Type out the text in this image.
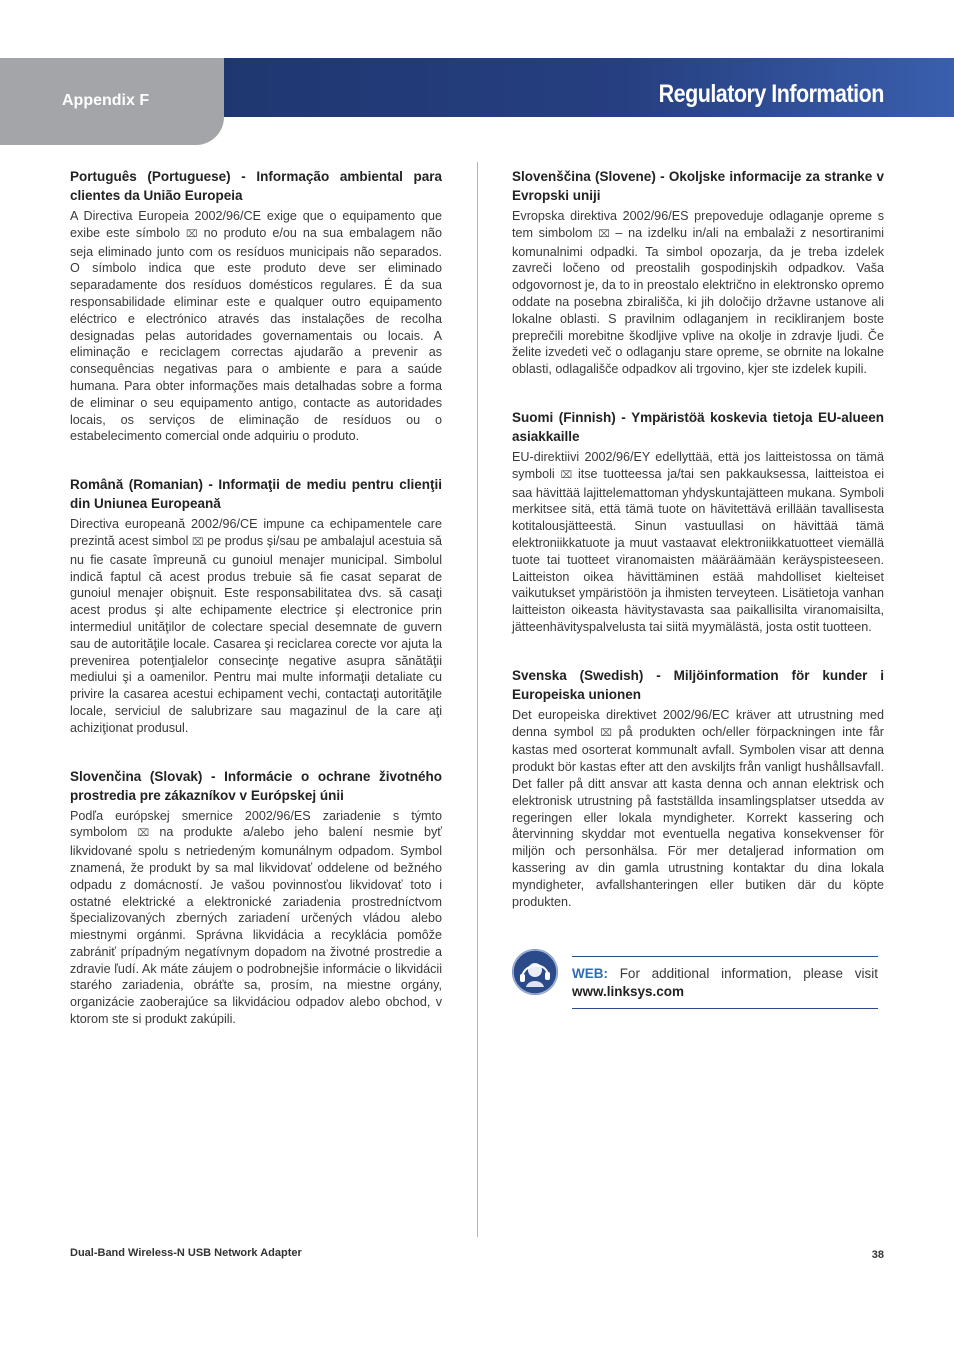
Appendix F	Regulatory Information
Português (Portuguese) - Informação ambiental para clientes da União Europeia

A Directiva Europeia 2002/96/CE exige que o equipamento que exibe este símbolo ⌧ no produto e/ou na sua embalagem não seja eliminado junto com os resíduos municipais não separados. O símbolo indica que este produto deve ser eliminado separadamente dos resíduos domésticos regulares. É da sua responsabilidade eliminar este e qualquer outro equipamento eléctrico e electrónico através das instalações de recolha designadas pelas autoridades governamentais ou locais. A eliminação e reciclagem correctas ajudarão a prevenir as consequências negativas para o ambiente e para a saúde humana. Para obter informações mais detalhadas sobre a forma de eliminar o seu equipamento antigo, contacte as autoridades locais, os serviços de eliminação de resíduos ou o estabelecimento comercial onde adquiriu o produto.

Română (Romanian) - Informaţii de mediu pentru clienţii din Uniunea Europeană

Directiva europeană 2002/96/CE impune ca echipamentele care prezintă acest simbol ⌧ pe produs şi/sau pe ambalajul acestuia să nu fie casate împreună cu gunoiul menajer municipal. Simbolul indică faptul că acest produs trebuie să fie casat separat de gunoiul menajer obişnuit. Este responsabilitatea dvs. să casaţi acest produs şi alte echipamente electrice şi electronice prin intermediul unităţilor de colectare special desemnate de guvern sau de autorităţile locale. Casarea şi reciclarea corecte vor ajuta la prevenirea potenţialelor consecinţe negative asupra sănătăţii mediului şi a oamenilor. Pentru mai multe informaţii detaliate cu privire la casarea acestui echipament vechi, contactaţi autorităţile locale, serviciul de salubrizare sau magazinul de la care aţi achiziţionat produsul.

Slovenčina (Slovak) - Informácie o ochrane životného prostredia pre zákazníkov v Európskej únii

Podľa európskej smernice 2002/96/ES zariadenie s týmto symbolom ⌧ na produkte a/alebo jeho balení nesmie byť likvidované spolu s netriedeným komunálnym odpadom. Symbol znamená, že produkt by sa mal likvidovať oddelene od bežného odpadu z domácností. Je vašou povinnosťou likvidovať toto i ostatné elektrické a elektronické zariadenia prostredníctvom špecializovaných zberných zariadení určených vládou alebo miestnymi orgánmi. Správna likvidácia a recyklácia pomôže zabrániť prípadným negatívnym dopadom na životné prostredie a zdravie ľudí. Ak máte záujem o podrobnejšie informácie o likvidácii starého zariadenia, obráťte sa, prosím, na miestne orgány, organizácie zaoberajúce sa likvidáciou odpadov alebo obchod, v ktorom ste si produkt zakúpili.

Slovenščina (Slovene) - Okoljske informacije za stranke v Evropski uniji

Evropska direktiva 2002/96/ES prepoveduje odlaganje opreme s tem simbolom ⌧ – na izdelku in/ali na embalaži z nesortiranimi komunalnimi odpadki. Ta simbol opozarja, da je treba izdelek zavreči ločeno od preostalih gospodinjskih odpadkov. Vaša odgovornost je, da to in preostalo električno in elektronsko opremo oddate na posebna zbirališča, ki jih določijo državne ustanove ali lokalne oblasti. S pravilnim odlaganjem in recikliranjem boste preprečili morebitne škodljive vplive na okolje in zdravje ljudi. Če želite izvedeti več o odlaganju stare opreme, se obrnite na lokalne oblasti, odlagališče odpadkov ali trgovino, kjer ste izdelek kupili.

Suomi (Finnish) - Ympäristöä koskevia tietoja EU-alueen asiakkaille

EU-direktiivi 2002/96/EY edellyttää, että jos laitteistossa on tämä symboli ⌧ itse tuotteessa ja/tai sen pakkauksessa, laitteistoa ei saa hävittää lajittelemattoman yhdyskuntajätteen mukana. Symboli merkitsee sitä, että tämä tuote on hävitettävä erillään tavallisesta kotitalousjätteestä. Sinun vastuullasi on hävittää tämä elektroniikkatuote ja muut vastaavat elektroniikkatuotteet viemällä tuote tai tuotteet viranomaisten määräämään keräyspisteeseen. Laitteiston oikea hävittäminen estää mahdolliset kielteiset vaikutukset ympäristöön ja ihmisten terveyteen. Lisätietoja vanhan laitteiston oikeasta hävitystavasta saa paikallisilta viranomaisilta, jätteenhävityspalvelusta tai siitä myymälästä, josta ostit tuotteen.

Svenska (Swedish) - Miljöinformation för kunder i Europeiska unionen

Det europeiska direktivet 2002/96/EC kräver att utrustning med denna symbol ⌧ på produkten och/eller förpackningen inte får kastas med osorterat kommunalt avfall. Symbolen visar att denna produkt bör kastas efter att den avskiljts från vanligt hushållsavfall. Det faller på ditt ansvar att kasta denna och annan elektrisk och elektronisk utrustning på fastställda insamlingsplatser utsedda av regeringen eller lokala myndigheter. Korrekt kassering och återvinning skyddar mot eventuella negativa konsekvenser för miljön och personhälsa. För mer detaljerad information om kassering av din gamla utrustning kontaktar du dina lokala myndigheter, avfallshanteringen eller butiken där du köpte produkten.

WEB: For additional information, please visit www.linksys.com
Dual-Band Wireless-N USB Network Adapter	38
